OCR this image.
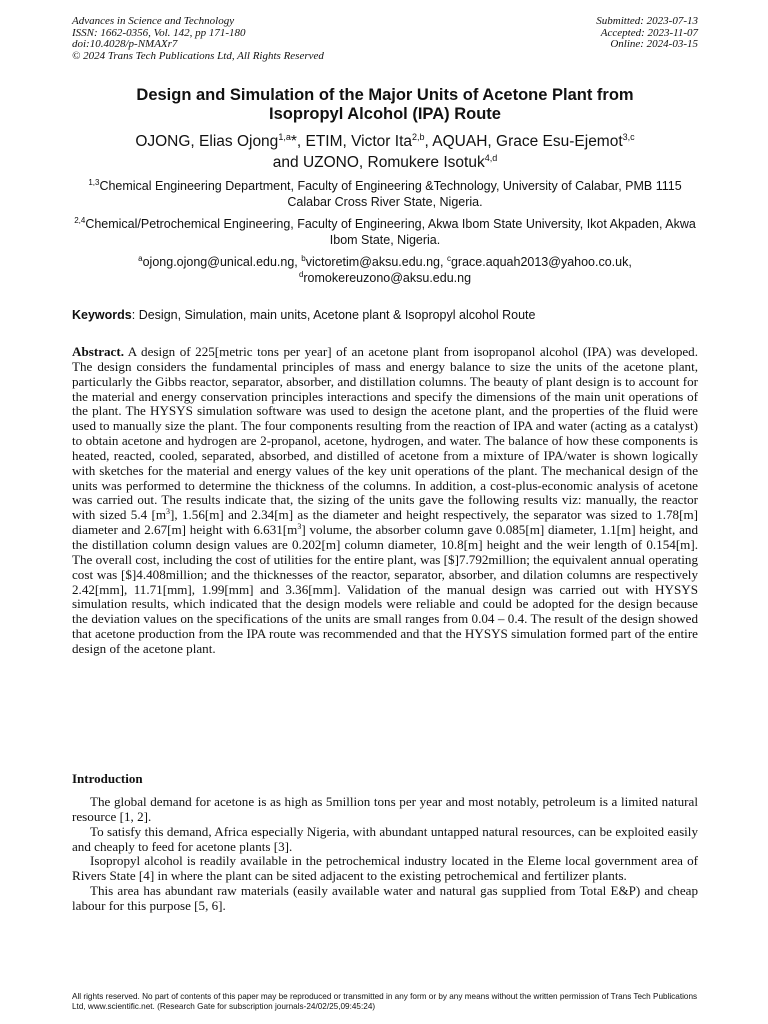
Advances in Science and Technology
ISSN: 1662-0356, Vol. 142, pp 171-180
doi:10.4028/p-NMAXr7
© 2024 Trans Tech Publications Ltd, All Rights Reserved
Submitted: 2023-07-13
Accepted: 2023-11-07
Online: 2024-03-15
Design and Simulation of the Major Units of Acetone Plant from
Isopropyl Alcohol (IPA) Route
OJONG, Elias Ojong$^{1,a}$*, ETIM, Victor Ita$^{2,b}$, AQUAH, Grace Esu-Ejemot$^{3,c}$
and UZONO, Romukere Isotuk$^{4,d}$
$^{1,3}$Chemical Engineering Department, Faculty of Engineering &Technology, University of Calabar, PMB 1115 Calabar Cross River State, Nigeria.
$^{2,4}$Chemical/Petrochemical Engineering, Faculty of Engineering, Akwa Ibom State University, Ikot Akpaden, Akwa Ibom State, Nigeria.
$^a$ojong.ojong@unical.edu.ng, $^b$victoretim@aksu.edu.ng, $^c$grace.aquah2013@yahoo.co.uk,
$^d$romokereuzono@aksu.edu.ng
Keywords: Design, Simulation, main units, Acetone plant & Isopropyl alcohol Route
Abstract. A design of 225[metric tons per year] of an acetone plant from isopropanol alcohol (IPA) was developed. The design considers the fundamental principles of mass and energy balance to size the units of the acetone plant, particularly the Gibbs reactor, separator, absorber, and distillation columns. The beauty of plant design is to account for the material and energy conservation principles interactions and specify the dimensions of the main unit operations of the plant. The HYSYS simulation software was used to design the acetone plant, and the properties of the fluid were used to manually size the plant. The four components resulting from the reaction of IPA and water (acting as a catalyst) to obtain acetone and hydrogen are 2-propanol, acetone, hydrogen, and water. The balance of how these components is heated, reacted, cooled, separated, absorbed, and distilled of acetone from a mixture of IPA/water is shown logically with sketches for the material and energy values of the key unit operations of the plant. The mechanical design of the units was performed to determine the thickness of the columns. In addition, a cost-plus-economic analysis of acetone was carried out. The results indicate that, the sizing of the units gave the following results viz: manually, the reactor with sized 5.4 $[m^3]$, 1.56[m] and 2.34[m] as the diameter and height respectively, the separator was sized to 1.78[m] diameter and 2.67[m] height with $6.631[m^3]$ volume, the absorber column gave 0.085[m] diameter, 1.1[m] height, and the distillation column design values are 0.202[m] column diameter, 10.8[m] height and the weir length of 0.154[m]. The overall cost, including the cost of utilities for the entire plant, was [$]7.792million; the equivalent annual operating cost was [$]4.408million; and the thicknesses of the reactor, separator, absorber, and dilation columns are respectively 2.42[mm], 11.71[mm], 1.99[mm] and 3.36[mm]. Validation of the manual design was carried out with HYSYS simulation results, which indicated that the design models were reliable and could be adopted for the design because the deviation values on the specifications of the units are small ranges from 0.04 – 0.4. The result of the design showed that acetone production from the IPA route was recommended and that the HYSYS simulation formed part of the entire design of the acetone plant.
Introduction

The global demand for acetone is as high as 5million tons per year and most notably, petroleum is a limited natural resource [1, 2].

To satisfy this demand, Africa especially Nigeria, with abundant untapped natural resources, can be exploited easily and cheaply to feed for acetone plants [3].

Isopropyl alcohol is readily available in the petrochemical industry located in the Eleme local government area of Rivers State [4] in where the plant can be sited adjacent to the existing petrochemical and fertilizer plants.

This area has abundant raw materials (easily available water and natural gas supplied from Total E&P) and cheap labour for this purpose [5, 6].

All rights reserved. No part of contents of this paper may be reproduced or transmitted in any form or by any means without the written permission of Trans Tech Publications Ltd, www.scientific.net. (Research Gate for subscription journals-24/02/25,09:45:24)
